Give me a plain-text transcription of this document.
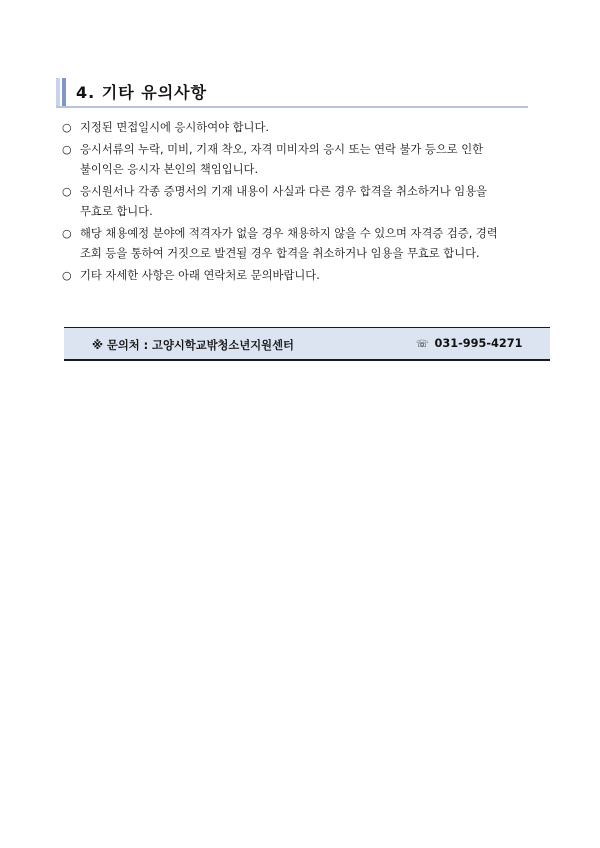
4. 기타 유의사항
○ 지정된 면접일시에 응시하여야 합니다.
○ 응시서류의 누락, 미비, 기재 착오, 자격 미비자의 응시 또는 연락 불가 등으로 인한
불이익은 응시자 본인의 책임입니다.
○ 응시원서나 각종 증명서의 기재 내용이 사실과 다른 경우 합격을 취소하거나 임용을
무효로 합니다.
○ 해당 채용예정 분야에 적격자가 없을 경우 채용하지 않을 수 있으며 자격증 검증, 경력
조회 등을 통하여 거짓으로 발견될 경우 합격을 취소하거나 임용을 무효로 합니다.
○ 기타 자세한 사항은 아래 연락처로 문의바랍니다.
※ 문의처 : 고양시학교밖청소년지원센터	☏ 031-995-4271
